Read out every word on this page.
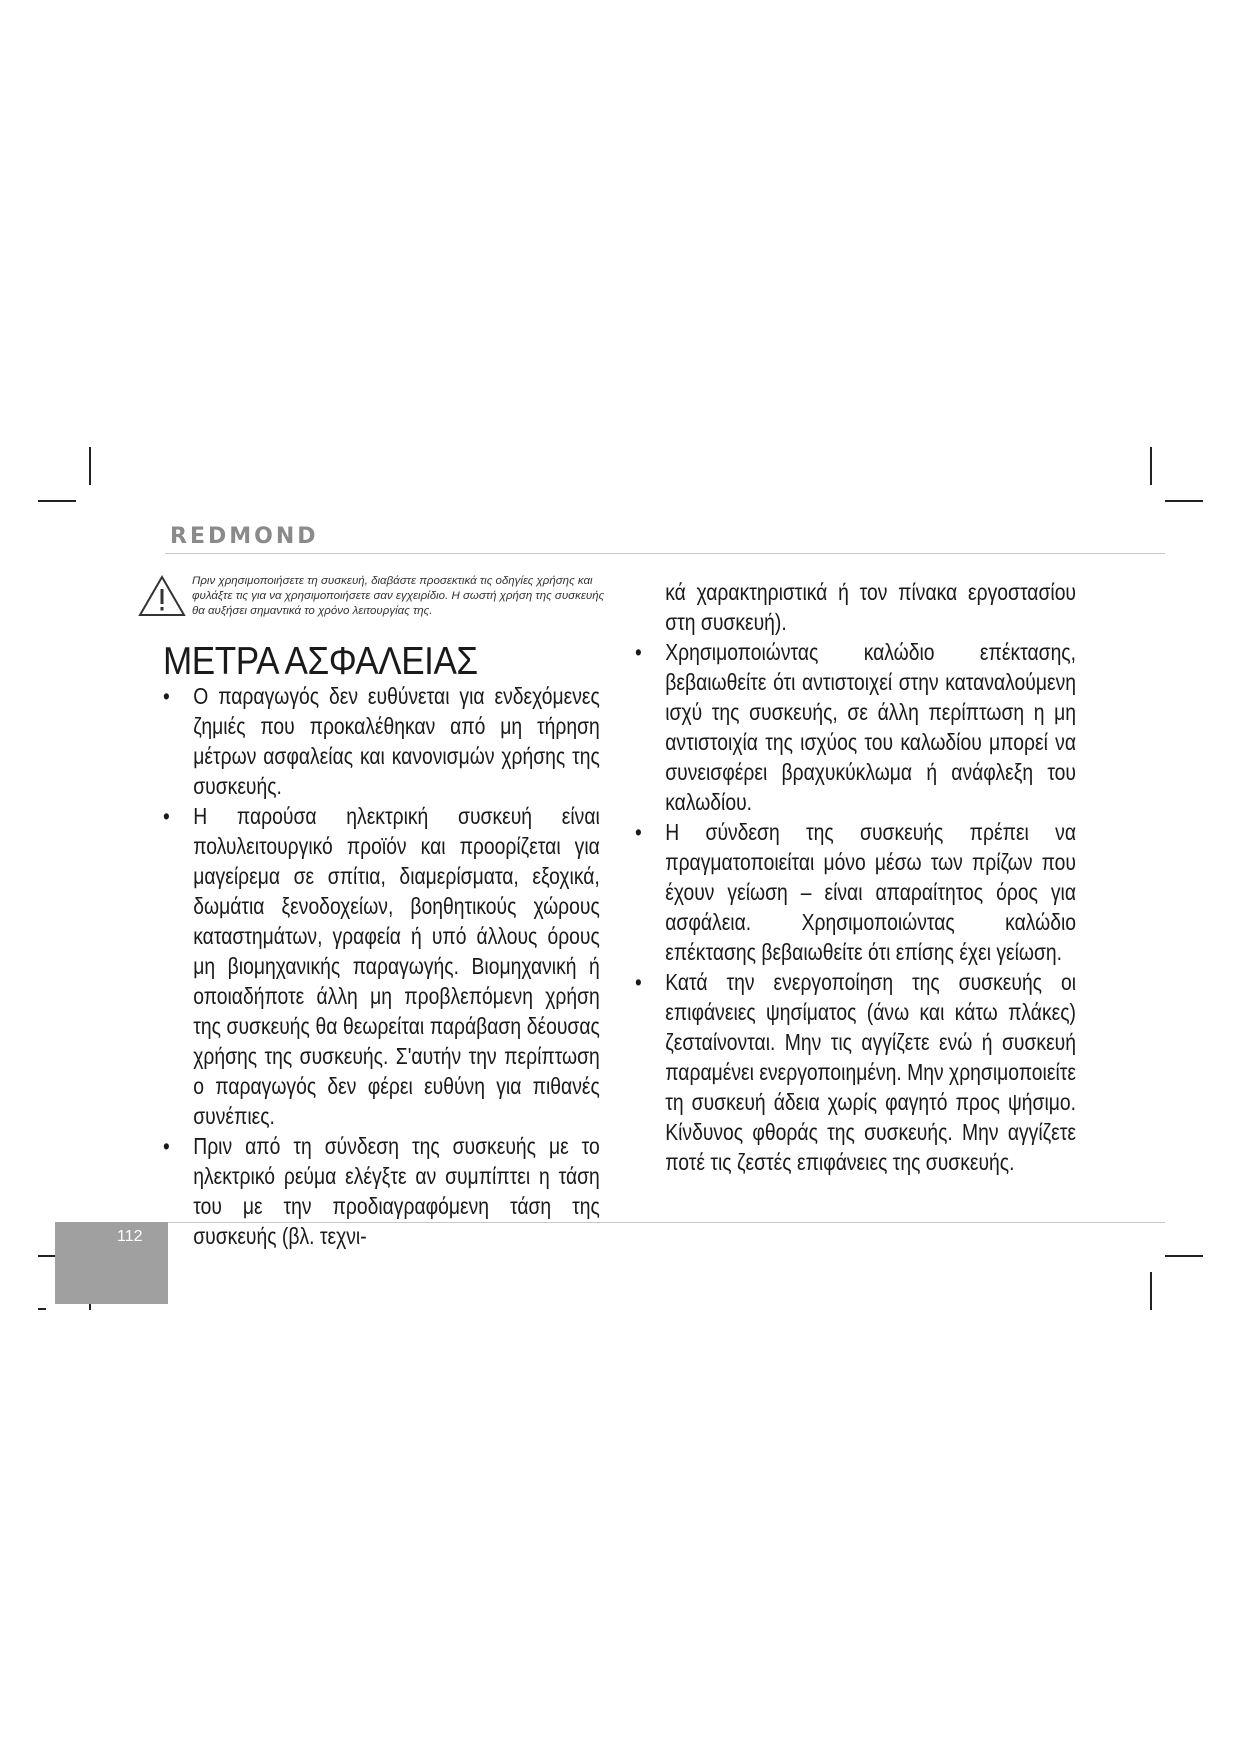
REDMOND
Πριν χρησιμοποιήσετε τη συσκευή, διαβάστε προσεκτικά τις οδηγίες χρήσης και φυλάξτε τις για να χρησιμοποιήσετε σαν εγχειρίδιο. Η σωστή χρήση της συσκευής θα αυξήσει σημαντικά το χρόνο λειτουργίας της.
ΜΕΤΡΑ ΑΣΦΑΛΕΙΑΣ
• Ο παραγωγός δεν ευθύνεται για ενδεχόμενες ζημιές που προκαλέθηκαν από μη τήρηση μέτρων ασφαλείας και κανονισμών χρήσης της συσκευής.
• Η παρούσα ηλεκτρική συσκευή είναι πολυλειτουργικό προϊόν και προορίζεται για μαγείρεμα σε σπίτια, διαμερίσματα, εξοχικά, δωμάτια ξενοδοχείων, βοηθητικούς χώρους καταστημάτων, γραφεία ή υπό άλλους όρους μη βιομηχανικής παραγωγής. Βιομηχανική ή οποιαδήποτε άλλη μη προβλεπόμενη χρήση της συσκευής θα θεωρείται παράβαση δέουσας χρήσης της συσκευής. Σ'αυτήν την περίπτωση ο παραγωγός δεν φέρει ευθύνη για πιθανές συνέπιες.
• Πριν από τη σύνδεση της συσκευής με το ηλεκτρικό ρεύμα ελέγξτε αν συμπίπτει η τάση του με την προδιαγραφόμενη τάση της συσκευής (βλ. τεχνι-
κά χαρακτηριστικά ή τον πίνακα εργοστασίου στη συσκευή).
• Χρησιμοποιώντας καλώδιο επέκτασης, βεβαιωθείτε ότι αντιστοιχεί στην καταναλούμενη ισχύ της συσκευής, σε άλλη περίπτωση η μη αντιστοιχία της ισχύος του καλωδίου μπορεί να συνεισφέρει βραχυκύκλωμα ή ανάφλεξη του καλωδίου.
• Η σύνδεση της συσκευής πρέπει να πραγματοποιείται μόνο μέσω των πρίζων που έχουν γείωση – είναι απαραίτητος όρος για ασφάλεια. Χρησιμοποιώντας καλώδιο επέκτασης βεβαιωθείτε ότι επίσης έχει γείωση.
• Κατά την ενεργοποίηση της συσκευής οι επιφάνειες ψησίματος (άνω και κάτω πλάκες) ζεσταίνονται. Μην τις αγγίζετε ενώ ή συσκευή παραμένει ενεργοποιημένη. Μην χρησιμοποιείτε τη συσκευή άδεια χωρίς φαγητό προς ψήσιμο. Κίνδυνος φθοράς της συσκευής. Μην αγγίζετε ποτέ τις ζεστές επιφάνειες της συσκευής.
112
